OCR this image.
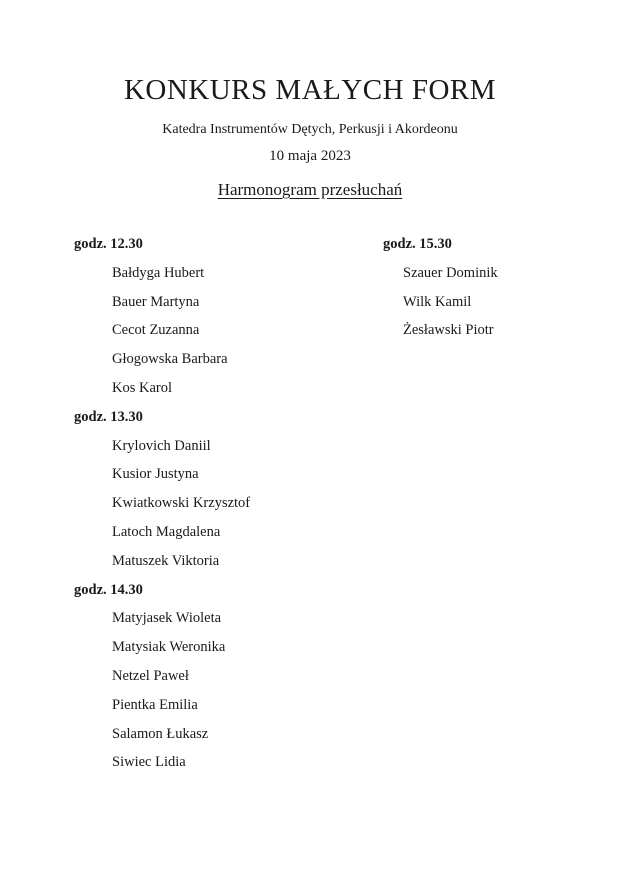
KONKURS MAŁYCH FORM
Katedra Instrumentów Dętych, Perkusji i Akordeonu
10 maja 2023
Harmonogram przesłuchań
godz. 12.30
Bałdyga Hubert
Bauer Martyna
Cecot Zuzanna
Głogowska Barbara
Kos Karol
godz. 13.30
Krylovich Daniil
Kusior Justyna
Kwiatkowski Krzysztof
Latoch Magdalena
Matuszek Viktoria
godz. 14.30
Matyjasek Wioleta
Matysiak Weronika
Netzel Paweł
Pientka Emilia
Salamon Łukasz
Siwiec Lidia
godz. 15.30
Szauer Dominik
Wilk Kamil
Żesławski Piotr
